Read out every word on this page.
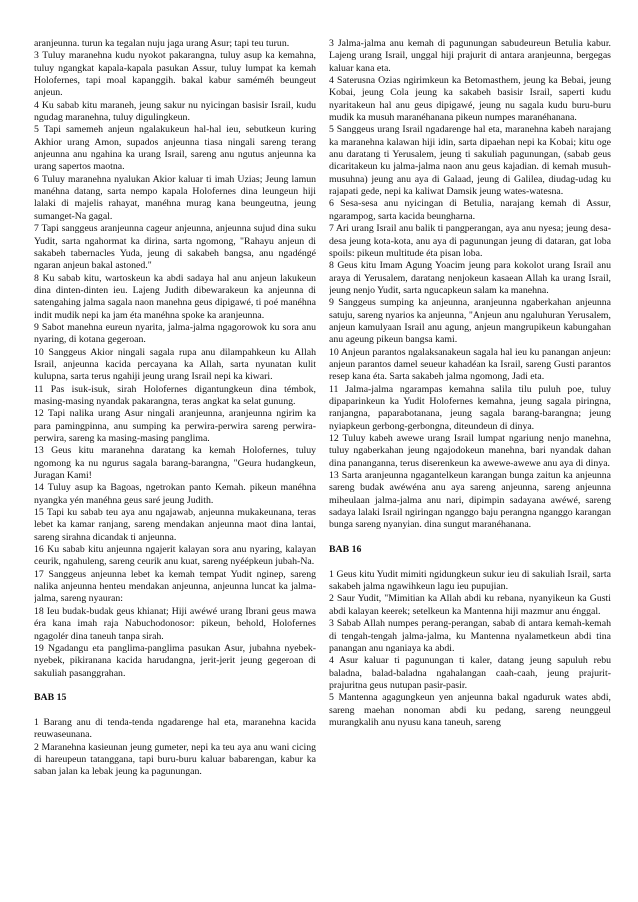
aranjeunna. turun ka tegalan nuju jaga urang Asur; tapi teu turun.

3 Tuluy maranehna kudu nyokot pakarangna, tuluy asup ka kemahna, tuluy ngangkat kapala-kapala pasukan Assur, tuluy lumpat ka kemah Holofernes, tapi moal kapanggih. bakal kabur saméméh beungeut anjeun.

4 Ku sabab kitu maraneh, jeung sakur nu nyicingan basisir Israil, kudu ngudag maranehna, tuluy digulingkeun.

5 Tapi samemeh anjeun ngalakukeun hal-hal ieu, sebutkeun kuring Akhior urang Amon, supados anjeunna tiasa ningali sareng terang anjeunna anu ngahina ka urang Israil, sareng anu ngutus anjeunna ka urang sapertos maotna.

6 Tuluy maranehna nyalukan Akior kaluar ti imah Uzias; Jeung lamun manéhna datang, sarta nempo kapala Holofernes dina leungeun hiji lalaki di majelis rahayat, manéhna murag kana beungeutna, jeung sumanget-Na gagal.

7 Tapi sanggeus aranjeunna cageur anjeunna, anjeunna sujud dina suku Yudit, sarta ngahormat ka dirina, sarta ngomong, "Rahayu anjeun di sakabeh tabernacles Yuda, jeung di sakabeh bangsa, anu ngadéngé ngaran anjeun bakal astoned."

8 Ku sabab kitu, wartoskeun ka abdi sadaya hal anu anjeun lakukeun dina dinten-dinten ieu. Lajeng Judith dibewarakeun ka anjeunna di satengahing jalma sagala naon manehna geus dipigawé, ti poé manéhna indit mudik nepi ka jam éta manéhna spoke ka aranjeunna.

9 Sabot manehna eureun nyarita, jalma-jalma ngagorowok ku sora anu nyaring, di kotana gegeroan.

10 Sanggeus Akior ningali sagala rupa anu dilampahkeun ku Allah Israil, anjeunna kacida percayana ka Allah, sarta nyunatan kulit kulupna, sarta terus ngahiji jeung urang Israil nepi ka kiwari.

11 Pas isuk-isuk, sirah Holofernes digantungkeun dina témbok, masing-masing nyandak pakarangna, teras angkat ka selat gunung.

12 Tapi nalika urang Asur ningali aranjeunna, aranjeunna ngirim ka para pamingpinna, anu sumping ka perwira-perwira sareng perwira-perwira, sareng ka masing-masing panglima.

13 Geus kitu maranehna daratang ka kemah Holofernes, tuluy ngomong ka nu ngurus sagala barang-barangna, "Geura hudangkeun, Juragan Kami!

14 Tuluy asup ka Bagoas, ngetrokan panto Kemah. pikeun manéhna nyangka yén manéhna geus saré jeung Judith.

15 Tapi ku sabab teu aya anu ngajawab, anjeunna mukakeunana, teras lebet ka kamar ranjang, sareng mendakan anjeunna maot dina lantai, sareng sirahna dicandak ti anjeunna.

16 Ku sabab kitu anjeunna ngajerit kalayan sora anu nyaring, kalayan ceurik, ngahuleng, sareng ceurik anu kuat, sareng nyéépkeun jubah-Na.

17 Sanggeus anjeunna lebet ka kemah tempat Yudit nginep, sareng nalika anjeunna henteu mendakan anjeunna, anjeunna luncat ka jalma-jalma, sareng nyauran:

18 Ieu budak-budak geus khianat; Hiji awéwé urang Ibrani geus mawa éra kana imah raja Nabuchodonosor: pikeun, behold, Holofernes ngagolér dina taneuh tanpa sirah.

19 Ngadangu eta panglima-panglima pasukan Asur, jubahna nyebek-nyebek, pikiranana kacida harudangna, jerit-jerit jeung gegeroan di sakuliah pasanggrahan.

BAB 15

1 Barang anu di tenda-tenda ngadarenge hal eta, maranehna kacida reuwaseunana.

2 Maranehna kasieunan jeung gumeter, nepi ka teu aya anu wani cicing di hareupeun tatanggana, tapi buru-buru kaluar babarengan, kabur ka saban jalan ka lebak jeung ka pagunungan.

3 Jalma-jalma anu kemah di pagunungan sabudeureun Betulia kabur. Lajeng urang Israil, unggal hiji prajurit di antara aranjeunna, bergegas kaluar kana eta.

4 Saterusna Ozias ngirimkeun ka Betomasthem, jeung ka Bebai, jeung Kobai, jeung Cola jeung ka sakabeh basisir Israil, saperti kudu nyaritakeun hal anu geus dipigawé, jeung nu sagala kudu buru-buru mudik ka musuh maranéhanana pikeun numpes maranéhanana.

5 Sanggeus urang Israil ngadarenge hal eta, maranehna kabeh narajang ka maranehna kalawan hiji idin, sarta dipaehan nepi ka Kobai; kitu oge anu daratang ti Yerusalem, jeung ti sakuliah pagunungan, (sabab geus dicaritakeun ku jalma-jalma naon anu geus kajadian. di kemah musuh-musuhna) jeung anu aya di Galaad, jeung di Galilea, diudag-udag ku rajapati gede, nepi ka kaliwat Damsik jeung wates-watesna.

6 Sesa-sesa anu nyicingan di Betulia, narajang kemah di Assur, ngarampog, sarta kacida beungharna.

7 Ari urang Israil anu balik ti pangperangan, aya anu nyesa; jeung desa-desa jeung kota-kota, anu aya di pagunungan jeung di dataran, gat loba spoils: pikeun multitude éta pisan loba.

8 Geus kitu Imam Agung Yoacim jeung para kokolot urang Israil anu araya di Yerusalem, daratang nenjokeun kasaean Allah ka urang Israil, jeung nenjo Yudit, sarta ngucapkeun salam ka manehna.

9 Sanggeus sumping ka anjeunna, aranjeunna ngaberkahan anjeunna satuju, sareng nyarios ka anjeunna, "Anjeun anu ngaluhuran Yerusalem, anjeun kamulyaan Israil anu agung, anjeun mangrupikeun kabungahan anu ageung pikeun bangsa kami.

10 Anjeun parantos ngalaksanakeun sagala hal ieu ku panangan anjeun: anjeun parantos damel seueur kahadéan ka Israil, sareng Gusti parantos resep kana éta. Sarta sakabeh jalma ngomong, Jadi eta.

11 Jalma-jalma ngarampas kemahna salila tilu puluh poe, tuluy dipaparinkeun ka Yudit Holofernes kemahna, jeung sagala piringna, ranjangna, paparabotanana, jeung sagala barang-barangna; jeung nyiapkeun gerbong-gerbongna, diteundeun di dinya.

12 Tuluy kabeh awewe urang Israil lumpat ngariung nenjo manehna, tuluy ngaberkahan jeung ngajodokeun manehna, bari nyandak dahan dina pananganna, terus diserenkeun ka awewe-awewe anu aya di dinya.

13 Sarta aranjeunna ngagantelkeun karangan bunga zaitun ka anjeunna sareng budak awéwéna anu aya sareng anjeunna, sareng anjeunna miheulaan jalma-jalma anu nari, dipimpin sadayana awéwé, sareng sadaya lalaki Israil ngiringan nganggo baju perangna nganggo karangan bunga sareng nyanyian. dina sungut maranéhanana.

BAB 16

1 Geus kitu Yudit mimiti ngidungkeun sukur ieu di sakuliah Israil, sarta sakabeh jalma ngawihkeun lagu ieu pupujian.

2 Saur Yudit, "Mimitian ka Allah abdi ku rebana, nyanyikeun ka Gusti abdi kalayan keerek; setelkeun ka Mantenna hiji mazmur anu énggal.

3 Sabab Allah numpes perang-perangan, sabab di antara kemah-kemah di tengah-tengah jalma-jalma, ku Mantenna nyalametkeun abdi tina panangan anu nganiaya ka abdi.

4 Asur kaluar ti pagunungan ti kaler, datang jeung sapuluh rebu baladna, balad-baladna ngahalangan caah-caah, jeung prajurit-prajuritna geus nutupan pasir-pasir.

5 Mantenna agagungkeun yen anjeunna bakal ngaduruk wates abdi, sareng maehan nonoman abdi ku pedang, sareng neunggeul murangkalih anu nyusu kana taneuh, sareng
